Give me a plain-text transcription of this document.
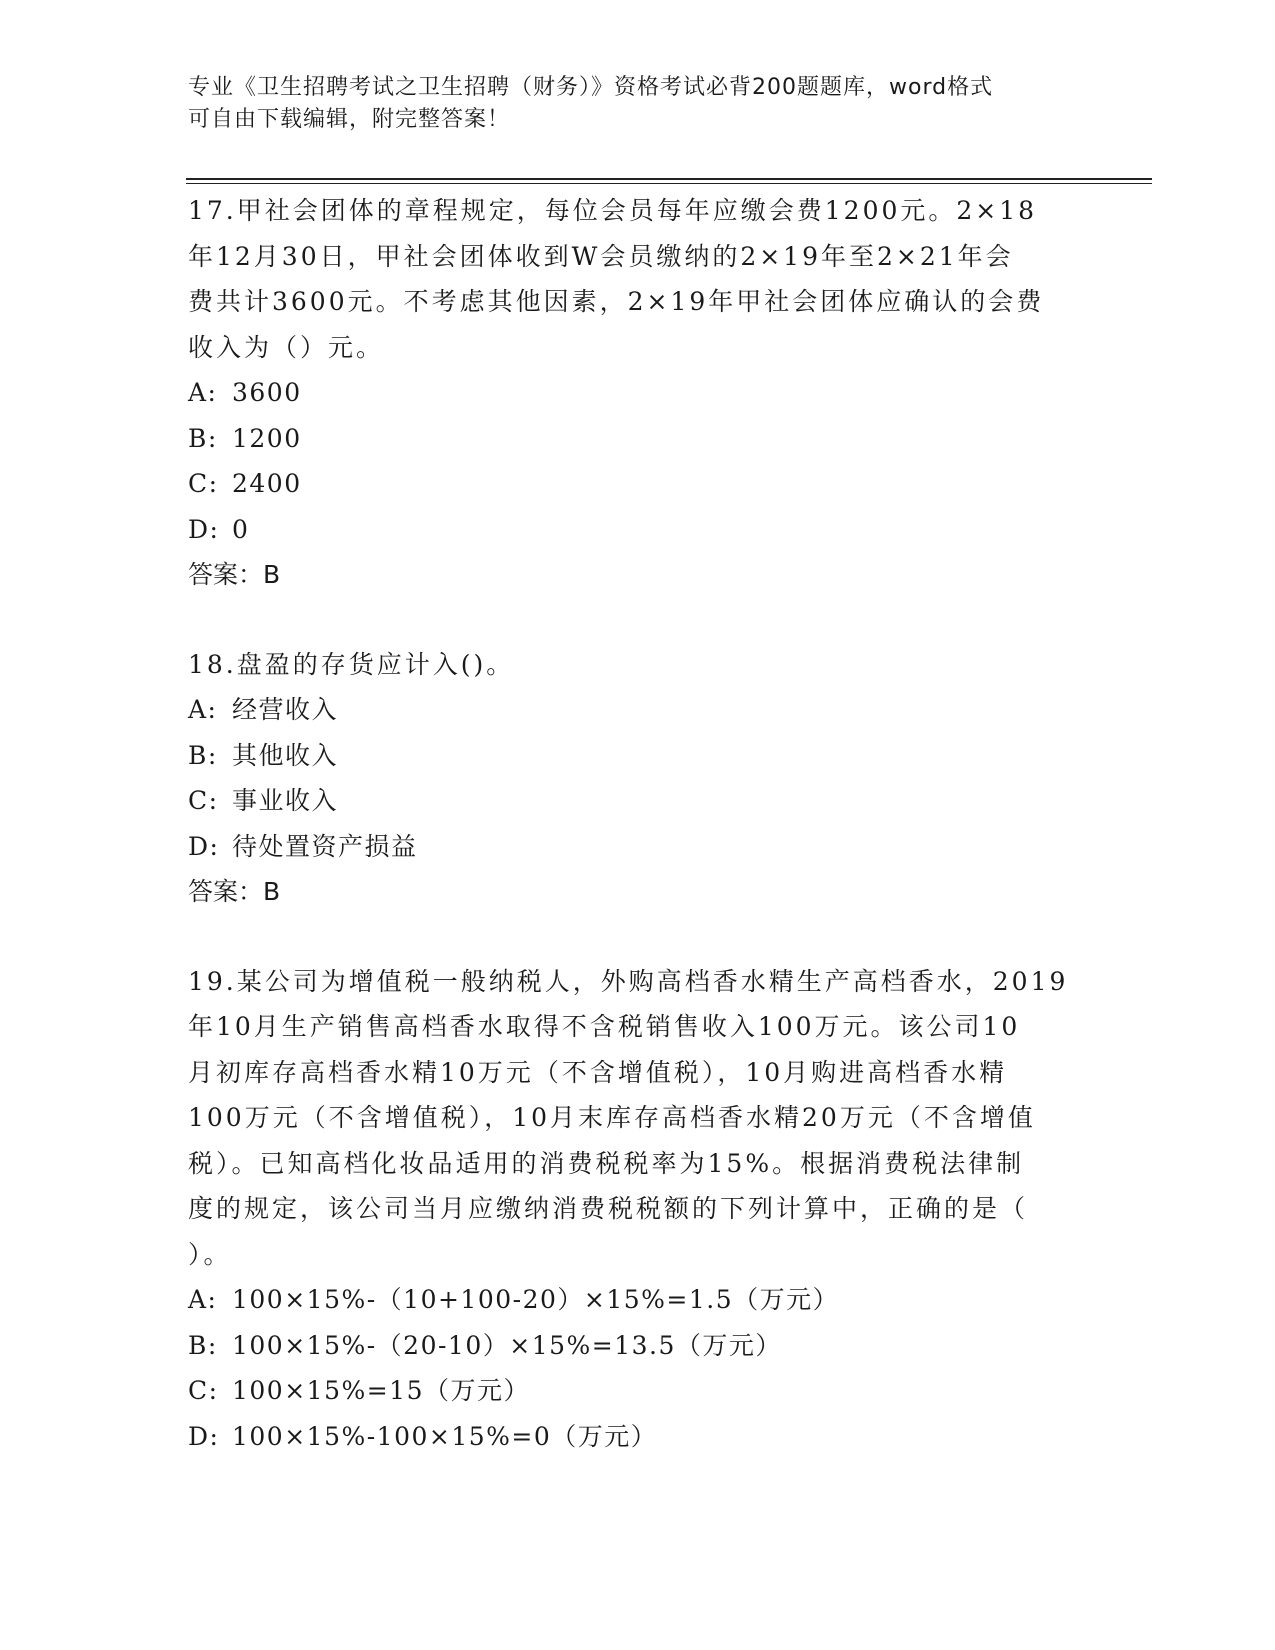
专业《卫生招聘考试之卫生招聘（财务）》资格考试必背200题题库，word格式
可自由下载编辑，附完整答案！
17.甲社会团体的章程规定，每位会员每年应缴会费1200元。2×18
年12月30日，甲社会团体收到W会员缴纳的2×19年至2×21年会
费共计3600元。不考虑其他因素，2×19年甲社会团体应确认的会费
收入为（）元。
A: 3600
B: 1200
C: 2400
D: 0
答案：B
18.盘盈的存货应计入()。
A: 经营收入
B: 其他收入
C: 事业收入
D: 待处置资产损益
答案：B
19.某公司为增值税一般纳税人，外购高档香水精生产高档香水，2019
年10月生产销售高档香水取得不含税销售收入100万元。该公司10
月初库存高档香水精10万元（不含增值税），10月购进高档香水精
100万元（不含增值税），10月末库存高档香水精20万元（不含增值
税）。已知高档化妆品适用的消费税税率为15%。根据消费税法律制
度的规定，该公司当月应缴纳消费税税额的下列计算中，正确的是（
）。
A: 100×15%-（10+100-20）×15%=1.5（万元）
B: 100×15%-（20-10）×15%=13.5（万元）
C: 100×15%=15（万元）
D: 100×15%-100×15%=0（万元）
